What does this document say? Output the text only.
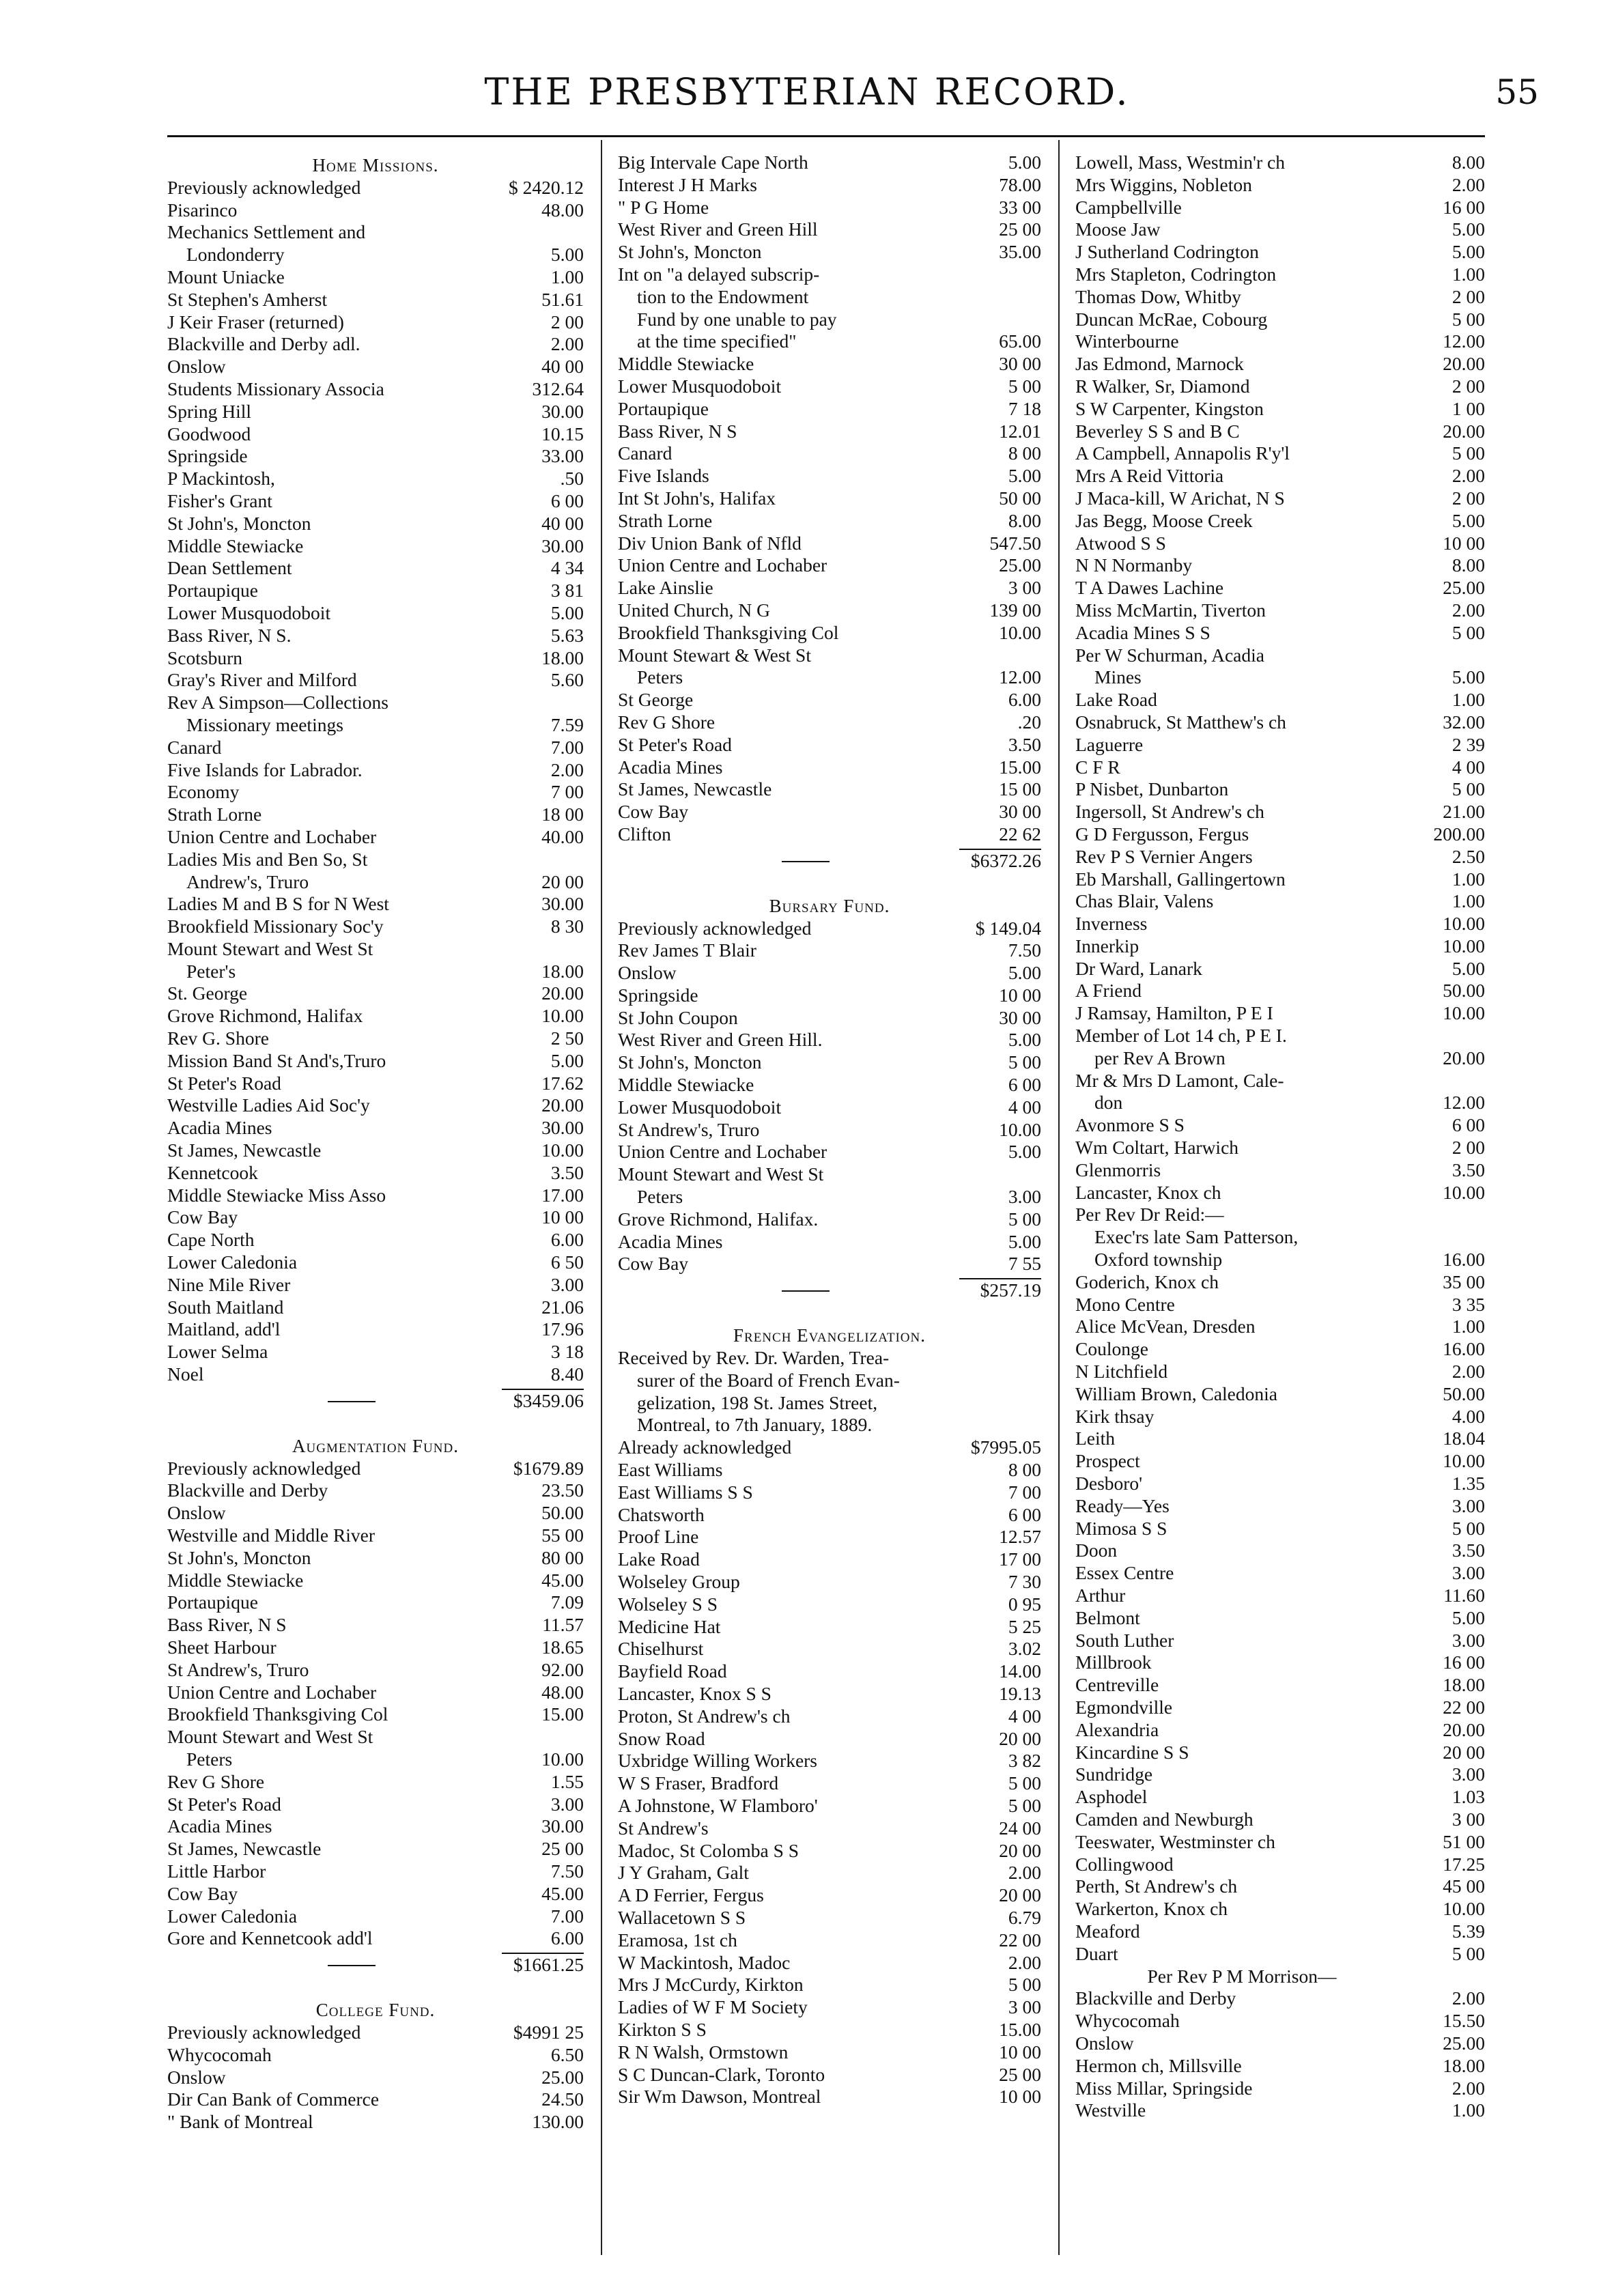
THE PRESBYTERIAN RECORD.	55
Home Missions.
Previously acknowledged	$ 2420.12
Pisarinco	48.00
Mechanics Settlement and
Londonderry	5.00
Mount Uniacke	1.00
St Stephen's Amherst	51.61
J Keir Fraser (returned)	2 00
Blackville and Derby adl.	2.00
Onslow	40 00
Students Missionary Associa	312.64
Spring Hill	30.00
Goodwood	10.15
Springside	33.00
P Mackintosh,	.50
Fisher's Grant	6 00
St John's, Moncton	40 00
Middle Stewiacke	30.00
Dean Settlement	4 34
Portaupique	3 81
Lower Musquodoboit	5.00
Bass River, N S.	5.63
Scotsburn	18.00
Gray's River and Milford	5.60
Rev A Simpson—Collections
Missionary meetings	7.59
Canard	7.00
Five Islands for Labrador.	2.00
Economy	7 00
Strath Lorne	18 00
Union Centre and Lochaber	40.00
Ladies Mis and Ben So, St
Andrew's, Truro	20 00
Ladies M and B S for N West	30.00
Brookfield Missionary Soc'y	8 30
Mount Stewart and West St
Peter's	18.00
St. George	20.00
Grove Richmond, Halifax	10.00
Rev G. Shore	2 50
Mission Band St And's,Truro	5.00
St Peter's Road	17.62
Westville Ladies Aid Soc'y	20.00
Acadia Mines	30.00
St James, Newcastle	10.00
Kennetcook	3.50
Middle Stewiacke Miss Asso	17.00
Cow Bay	10 00
Cape North	6.00
Lower Caledonia	6 50
Nine Mile River	3.00
South Maitland	21.06
Maitland, add'l	17.96
Lower Selma	3 18
Noel	8.40
$3459.06
Augmentation Fund.
Previously acknowledged	$1679.89
Blackville and Derby	23.50
Onslow	50.00
Westville and Middle River	55 00
St John's, Moncton	80 00
Middle Stewiacke	45.00
Portaupique	7.09
Bass River, N S	11.57
Sheet Harbour	18.65
St Andrew's, Truro	92.00
Union Centre and Lochaber	48.00
Brookfield Thanksgiving Col	15.00
Mount Stewart and West St
Peters	10.00
Rev G Shore	1.55
St Peter's Road	3.00
Acadia Mines	30.00
St James, Newcastle	25 00
Little Harbor	7.50
Cow Bay	45.00
Lower Caledonia	7.00
Gore and Kennetcook add'l	6.00
$1661.25
College Fund.
Previously acknowledged	$4991 25
Whycocomah	6.50
Onslow	25.00
Dir Can Bank of Commerce	24.50
" Bank of Montreal	130.00
Big Intervale Cape North	5.00
Interest J H Marks	78.00
" P G Home	33 00
West River and Green Hill	25 00
St John's, Moncton	35.00
Int on "a delayed subscrip-
tion to the Endowment
Fund by one unable to pay
at the time specified"	65.00
Middle Stewiacke	30 00
Lower Musquodoboit	5 00
Portaupique	7 18
Bass River, N S	12.01
Canard	8 00
Five Islands	5.00
Int St John's, Halifax	50 00
Strath Lorne	8.00
Div Union Bank of Nfld	547.50
Union Centre and Lochaber	25.00
Lake Ainslie	3 00
United Church, N G	139 00
Brookfield Thanksgiving Col	10.00
Mount Stewart & West St
Peters	12.00
St George	6.00
Rev G Shore	.20
St Peter's Road	3.50
Acadia Mines	15.00
St James, Newcastle	15 00
Cow Bay	30 00
Clifton	22 62
$6372.26
Bursary Fund.
Previously acknowledged	$ 149.04
Rev James T Blair	7.50
Onslow	5.00
Springside	10 00
St John Coupon	30 00
West River and Green Hill.	5.00
St John's, Moncton	5 00
Middle Stewiacke	6 00
Lower Musquodoboit	4 00
St Andrew's, Truro	10.00
Union Centre and Lochaber	5.00
Mount Stewart and West St
Peters	3.00
Grove Richmond, Halifax.	5 00
Acadia Mines	5.00
Cow Bay	7 55
$257.19
French Evangelization.
Received by Rev. Dr. Warden, Trea-
surer of the Board of French Evan-
gelization, 198 St. James Street,
Montreal, to 7th January, 1889.
Already acknowledged	$7995.05
East Williams	8 00
East Williams S S	7 00
Chatsworth	6 00
Proof Line	12.57
Lake Road	17 00
Wolseley Group	7 30
Wolseley S S	0 95
Medicine Hat	5 25
Chiselhurst	3.02
Bayfield Road	14.00
Lancaster, Knox S S	19.13
Proton, St Andrew's ch	4 00
Snow Road	20 00
Uxbridge Willing Workers	3 82
W S Fraser, Bradford	5 00
A Johnstone, W Flamboro'	5 00
St Andrew's	24 00
Madoc, St Colomba S S	20 00
J Y Graham, Galt	2.00
A D Ferrier, Fergus	20 00
Wallacetown S S	6.79
Eramosa, 1st ch	22 00
W Mackintosh, Madoc	2.00
Mrs J McCurdy, Kirkton	5 00
Ladies of W F M Society	3 00
Kirkton S S	15.00
R N Walsh, Ormstown	10 00
S C Duncan-Clark, Toronto	25 00
Sir Wm Dawson, Montreal	10 00
Lowell, Mass, Westmin'r ch	8.00
Mrs Wiggins, Nobleton	2.00
Campbellville	16 00
Moose Jaw	5.00
J Sutherland Codrington	5.00
Mrs Stapleton, Codrington	1.00
Thomas Dow, Whitby	2 00
Duncan McRae, Cobourg	5 00
Winterbourne	12.00
Jas Edmond, Marnock	20.00
R Walker, Sr, Diamond	2 00
S W Carpenter, Kingston	1 00
Beverley S S and B C	20.00
A Campbell, Annapolis R'y'l	5 00
Mrs A Reid Vittoria	2.00
J Maca-kill, W Arichat, N S	2 00
Jas Begg, Moose Creek	5.00
Atwood S S	10 00
N N Normanby	8.00
T A Dawes Lachine	25.00
Miss McMartin, Tiverton	2.00
Acadia Mines S S	5 00
Per W Schurman, Acadia
Mines	5.00
Lake Road	1.00
Osnabruck, St Matthew's ch	32.00
Laguerre	2 39
C F R	4 00
P Nisbet, Dunbarton	5 00
Ingersoll, St Andrew's ch	21.00
G D Fergusson, Fergus	200.00
Rev P S Vernier Angers	2.50
Eb Marshall, Gallingertown	1.00
Chas Blair, Valens	1.00
Inverness	10.00
Innerkip	10.00
Dr Ward, Lanark	5.00
A Friend	50.00
J Ramsay, Hamilton, P E I	10.00
Member of Lot 14 ch, P E I.
per Rev A Brown	20.00
Mr & Mrs D Lamont, Cale-
don	12.00
Avonmore S S	6 00
Wm Coltart, Harwich	2 00
Glenmorris	3.50
Lancaster, Knox ch	10.00
Per Rev Dr Reid:—
Exec'rs late Sam Patterson,
Oxford township	16.00
Goderich, Knox ch	35 00
Mono Centre	3 35
Alice McVean, Dresden	1.00
Coulonge	16.00
N Litchfield	2.00
William Brown, Caledonia	50.00
Kirk thsay	4.00
Leith	18.04
Prospect	10.00
Desboro'	1.35
Ready—Yes	3.00
Mimosa S S	5 00
Doon	3.50
Essex Centre	3.00
Arthur	11.60
Belmont	5.00
South Luther	3.00
Millbrook	16 00
Centreville	18.00
Egmondville	22 00
Alexandria	20.00
Kincardine S S	20 00
Sundridge	3.00
Asphodel	1.03
Camden and Newburgh	3 00
Teeswater, Westminster ch	51 00
Collingwood	17.25
Perth, St Andrew's ch	45 00
Warkerton, Knox ch	10.00
Meaford	5.39
Duart	5 00
Per Rev P M Morrison—
Blackville and Derby	2.00
Whycocomah	15.50
Onslow	25.00
Hermon ch, Millsville	18.00
Miss Millar, Springside	2.00
Westville	1.00
